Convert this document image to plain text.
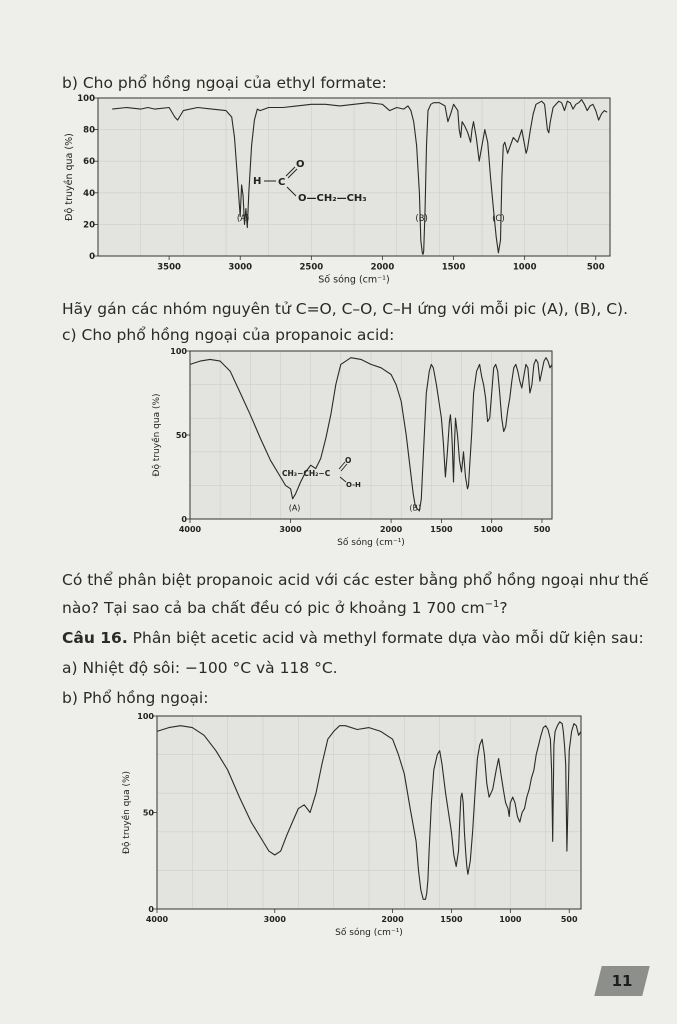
b) Cho phổ hồng ngoại của ethyl formate:
3500	3000	2500	2000	1500	1000	500
0
20
40
60
80
100
Số sóng (cm⁻¹)
Độ truyền qua (%)	(A)	(B)	(C)
H C
O
O—CH₂—CH₃
Hãy gán các nhóm nguyên tử C=O, C–O, C–H ứng với mỗi pic (A), (B), C).
c) Cho phổ hồng ngoại của propanoic acid:
4000	3000	2000	1500	1000	500
0
50
100
Số sóng (cm⁻¹)
Độ truyền qua (%)
(A)	(B)
CH₃−CH₂−C
O
O-H
Có thể phân biệt propanoic acid với các ester bằng phổ hồng ngoại như thế
nào? Tại sao cả ba chất đều có pic ở khoảng 1 700 $cm^{-1}$?
Câu 16. Phân biệt acetic acid và methyl formate dựa vào mỗi dữ kiện sau:
a) Nhiệt độ sôi: −100 °C và 118 °C.
b) Phổ hồng ngoại:
4000	3000	2000	1500	1000	500
0
50
100
Số sóng (cm⁻¹)
Độ truyền qua (%)
11
